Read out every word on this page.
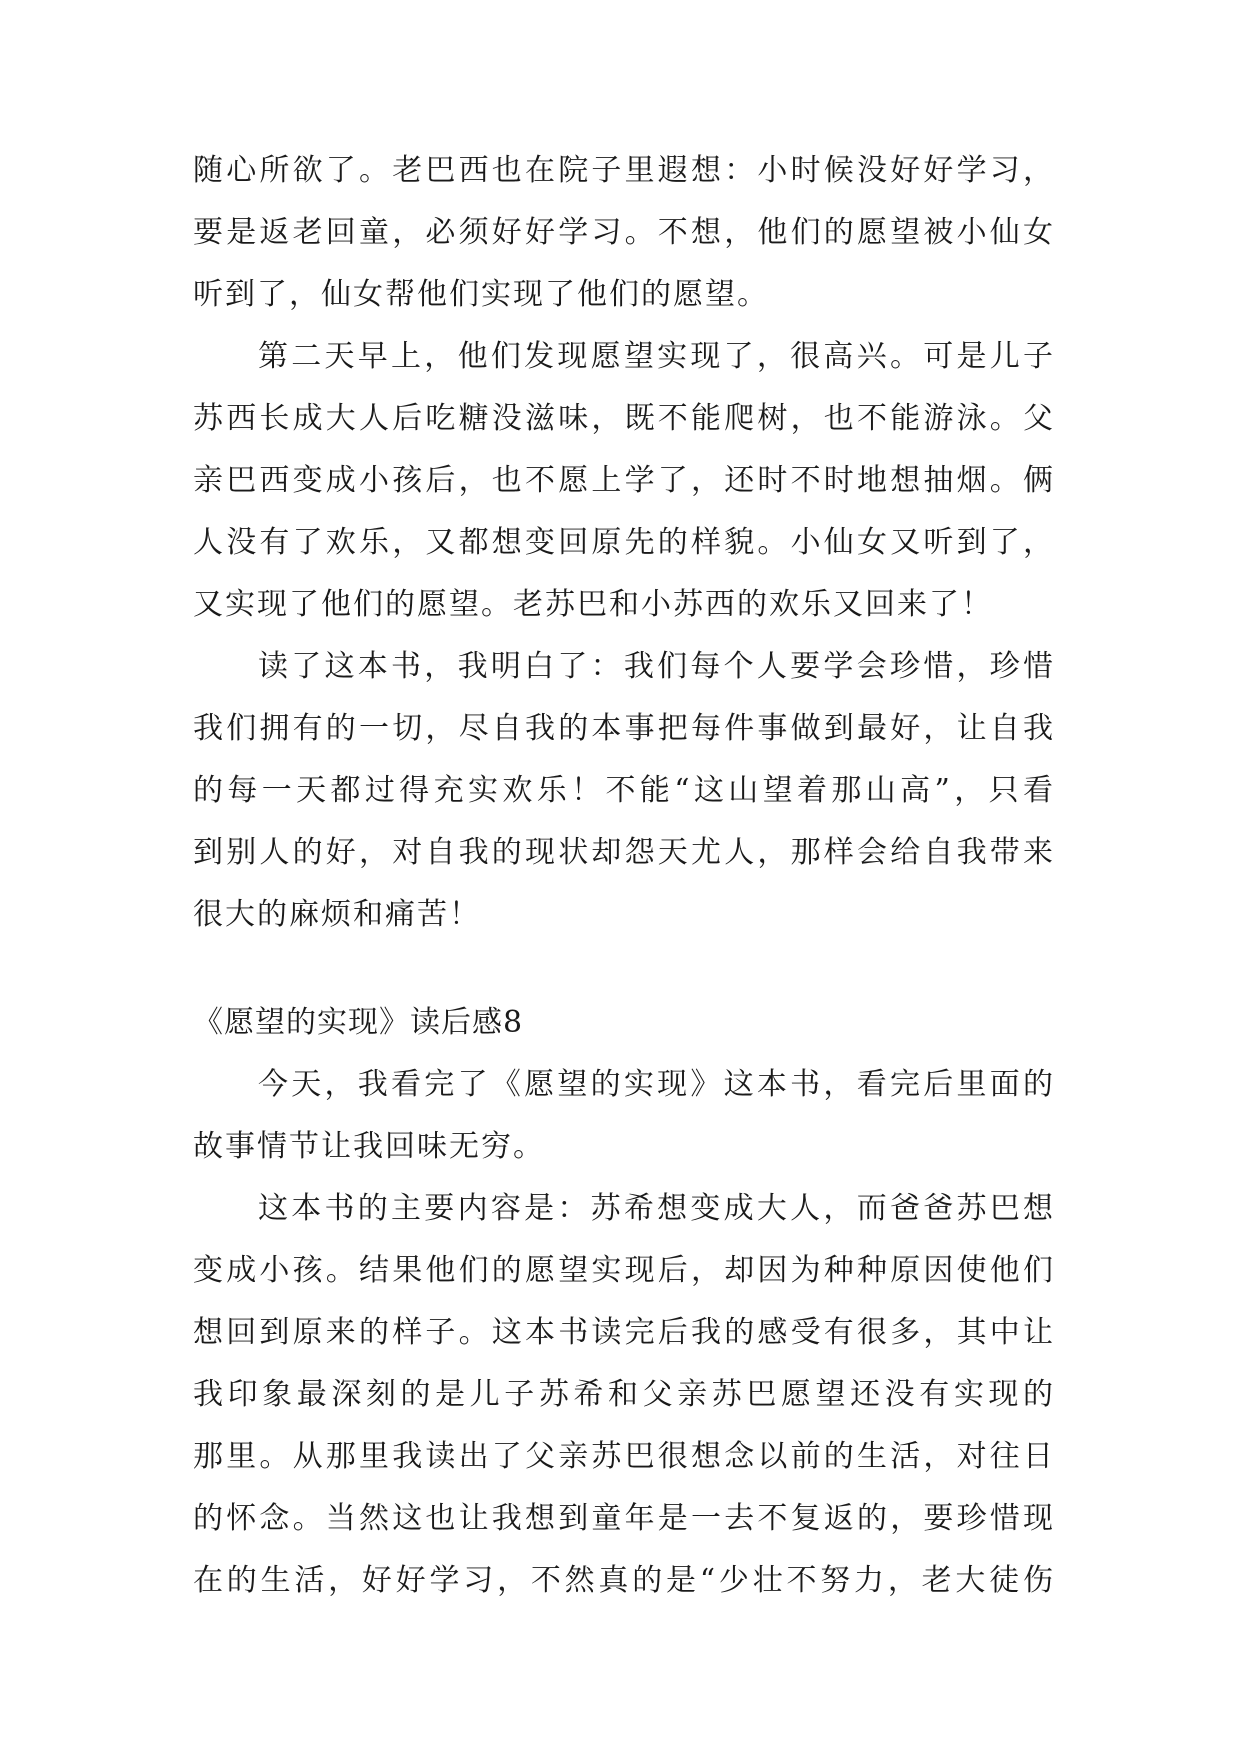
随心所欲了。老巴西也在院子里遐想：小时候没好好学习，
要是返老回童，必须好好学习。不想，他们的愿望被小仙女
听到了，仙女帮他们实现了他们的愿望。
第二天早上，他们发现愿望实现了，很高兴。可是儿子
苏西长成大人后吃糖没滋味，既不能爬树，也不能游泳。父
亲巴西变成小孩后，也不愿上学了，还时不时地想抽烟。俩
人没有了欢乐，又都想变回原先的样貌。小仙女又听到了，
又实现了他们的愿望。老苏巴和小苏西的欢乐又回来了！
读了这本书，我明白了：我们每个人要学会珍惜，珍惜
我们拥有的一切，尽自我的本事把每件事做到最好，让自我
的每一天都过得充实欢乐！不能“这山望着那山高”，只看
到别人的好，对自我的现状却怨天尤人，那样会给自我带来
很大的麻烦和痛苦！
《愿望的实现》读后感8
今天，我看完了《愿望的实现》这本书，看完后里面的
故事情节让我回味无穷。
这本书的主要内容是：苏希想变成大人，而爸爸苏巴想
变成小孩。结果他们的愿望实现后，却因为种种原因使他们
想回到原来的样子。这本书读完后我的感受有很多，其中让
我印象最深刻的是儿子苏希和父亲苏巴愿望还没有实现的
那里。从那里我读出了父亲苏巴很想念以前的生活，对往日
的怀念。当然这也让我想到童年是一去不复返的，要珍惜现
在的生活，好好学习，不然真的是“少壮不努力，老大徒伤
